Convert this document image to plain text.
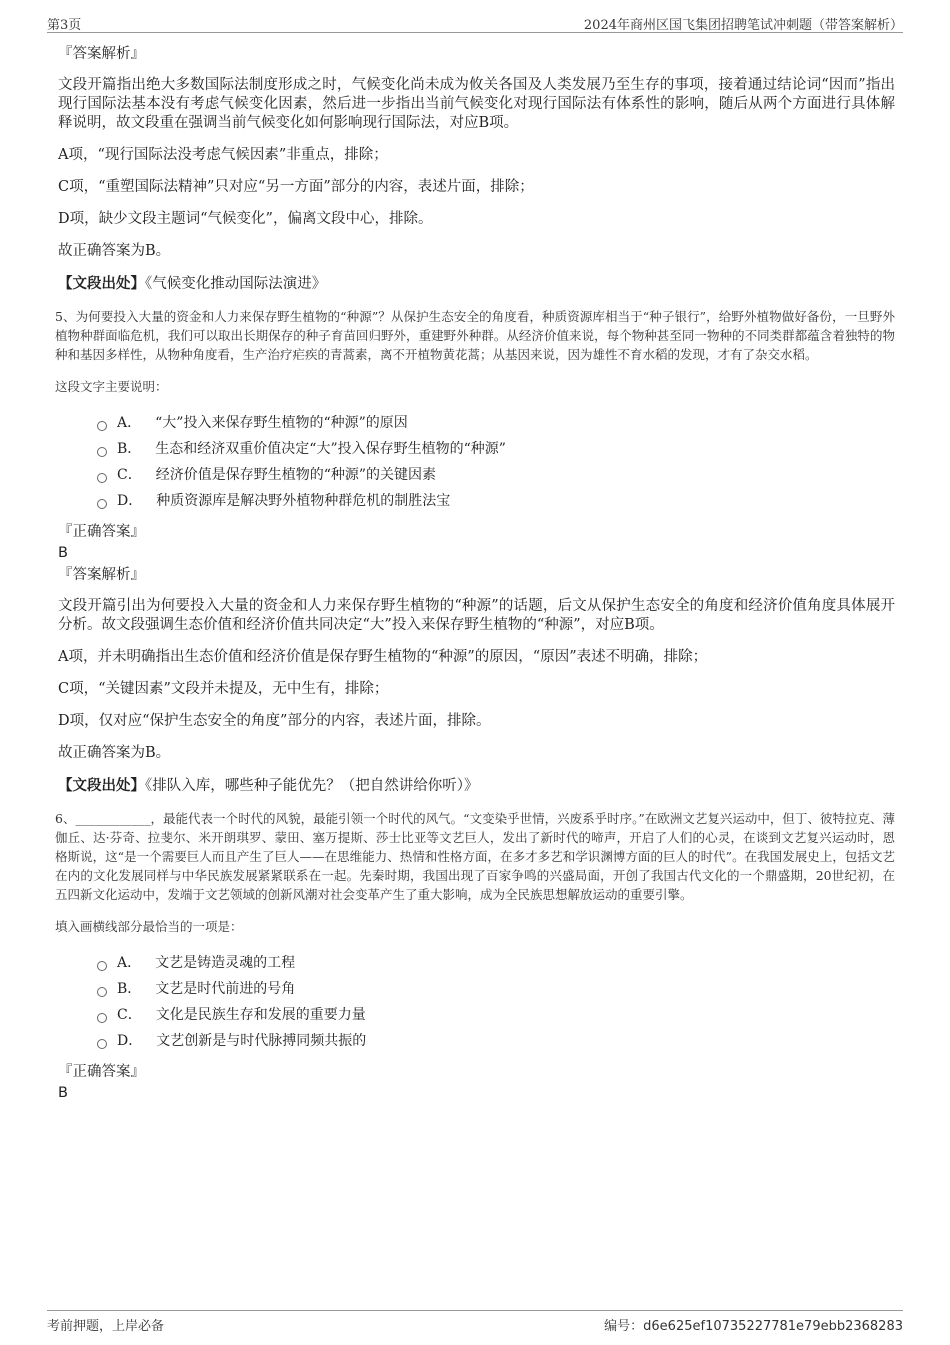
第3页	2024年商州区国飞集团招聘笔试冲刺题（带答案解析）
『答案解析』
文段开篇指出绝大多数国际法制度形成之时，气候变化尚未成为攸关各国及人类发展乃至生存的事项，接着通过结论词“因而”指出现行国际法基本没有考虑气候变化因素，然后进一步指出当前气候变化对现行国际法有体系性的影响，随后从两个方面进行具体解释说明，故文段重在强调当前气候变化如何影响现行国际法，对应B项。
A项，“现行国际法没考虑气候因素”非重点，排除；
C项，“重塑国际法精神”只对应“另一方面”部分的内容，表述片面，排除；
D项，缺少文段主题词“气候变化”，偏离文段中心，排除。
故正确答案为B。
【文段出处】《气候变化推动国际法演进》
5、为何要投入大量的资金和人力来保存野生植物的“种源”？从保护生态安全的角度看，种质资源库相当于“种子银行”，给野外植物做好备份，一旦野外植物种群面临危机，我们可以取出长期保存的种子育苗回归野外，重建野外种群。从经济价值来说，每个物种甚至同一物种的不同类群都蕴含着独特的物种和基因多样性，从物种角度看，生产治疗疟疾的青蒿素，离不开植物黄花蒿；从基因来说，因为雄性不育水稻的发现，才有了杂交水稻。
这段文字主要说明：
A． “大”投入来保存野生植物的“种源”的原因
B． 生态和经济双重价值决定“大”投入保存野生植物的“种源”
C． 经济价值是保存野生植物的“种源”的关键因素
D． 种质资源库是解决野外植物种群危机的制胜法宝
『正确答案』
B
『答案解析』
文段开篇引出为何要投入大量的资金和人力来保存野生植物的“种源”的话题，后文从保护生态安全的角度和经济价值角度具体展开分析。故文段强调生态价值和经济价值共同决定“大”投入来保存野生植物的“种源”，对应B项。
A项，并未明确指出生态价值和经济价值是保存野生植物的“种源”的原因，“原因”表述不明确，排除；
C项，“关键因素”文段并未提及，无中生有，排除；
D项，仅对应“保护生态安全的角度”部分的内容，表述片面，排除。
故正确答案为B。
【文段出处】《排队入库，哪些种子能优先？（把自然讲给你听）》
6、____________，最能代表一个时代的风貌，最能引领一个时代的风气。“文变染乎世情，兴废系乎时序。”在欧洲文艺复兴运动中，但丁、彼特拉克、薄伽丘、达·芬奇、拉斐尔、米开朗琪罗、蒙田、塞万提斯、莎士比亚等文艺巨人，发出了新时代的啼声，开启了人们的心灵，在谈到文艺复兴运动时，恩格斯说，这“是一个需要巨人而且产生了巨人——在思维能力、热情和性格方面，在多才多艺和学识渊博方面的巨人的时代”。在我国发展史上，包括文艺在内的文化发展同样与中华民族发展紧紧联系在一起。先秦时期，我国出现了百家争鸣的兴盛局面，开创了我国古代文化的一个鼎盛期，20世纪初，在五四新文化运动中，发端于文艺领域的创新风潮对社会变革产生了重大影响，成为全民族思想解放运动的重要引擎。
填入画横线部分最恰当的一项是：
A． 文艺是铸造灵魂的工程
B． 文艺是时代前进的号角
C． 文化是民族生存和发展的重要力量
D． 文艺创新是与时代脉搏同频共振的
『正确答案』
B
考前押题，上岸必备	编号：d6e625ef10735227781e79ebb2368283
